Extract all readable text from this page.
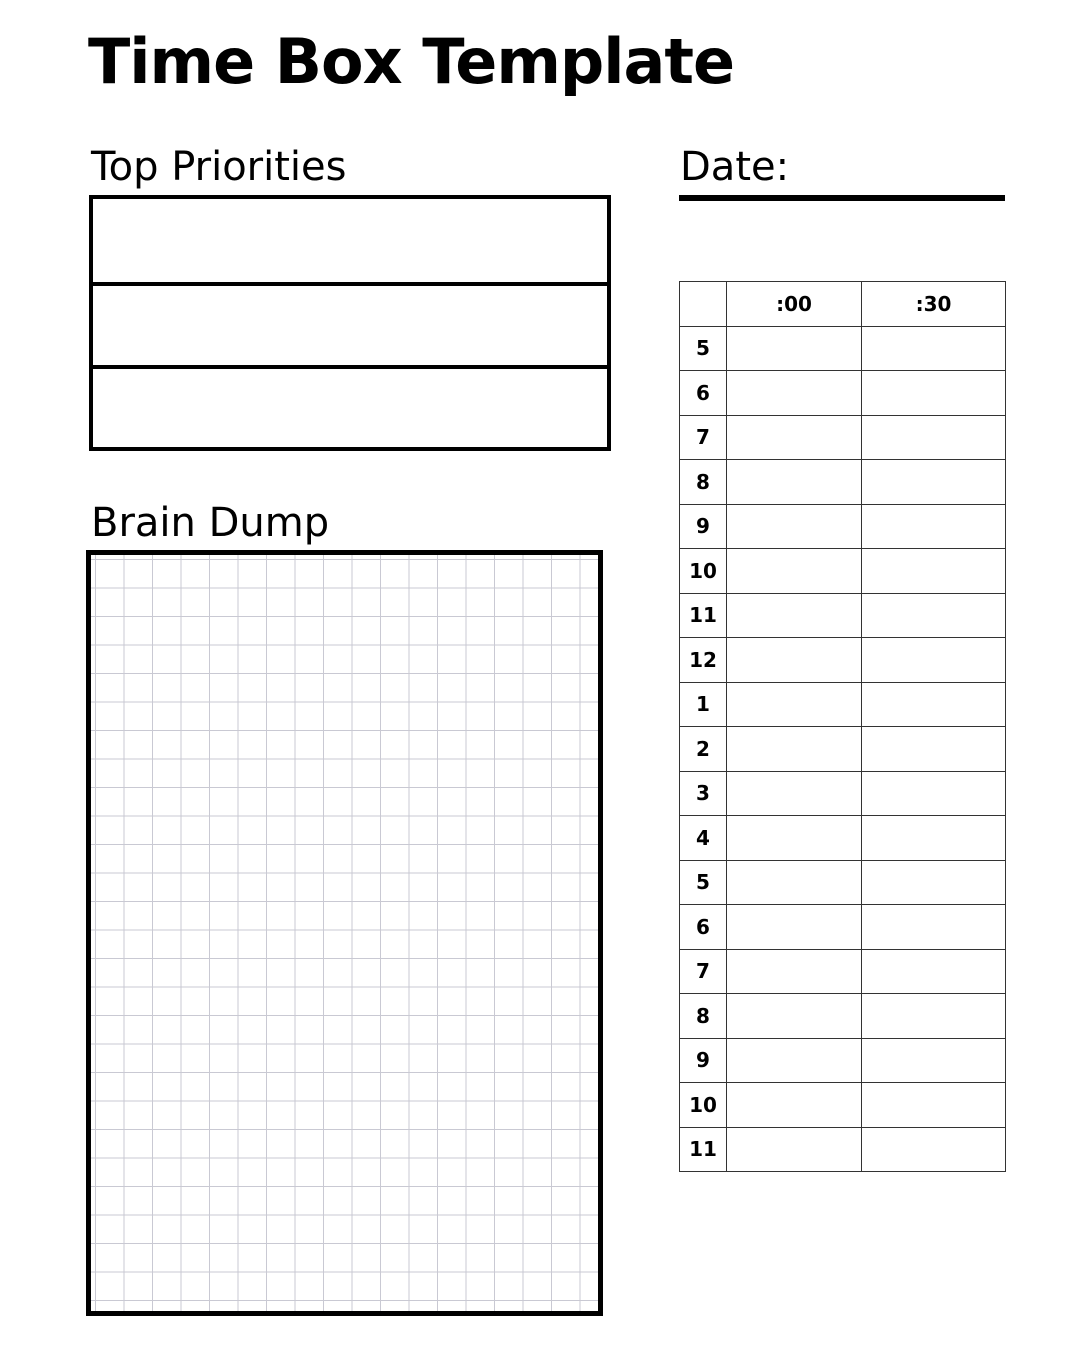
Time Box Template
Top Priorities	Date:
Brain Dump
	:00	:30
5		
6		
7		
8		
9		
10		
11		
12		
1		
2		
3		
4		
5		
6		
7		
8		
9		
10		
11		
